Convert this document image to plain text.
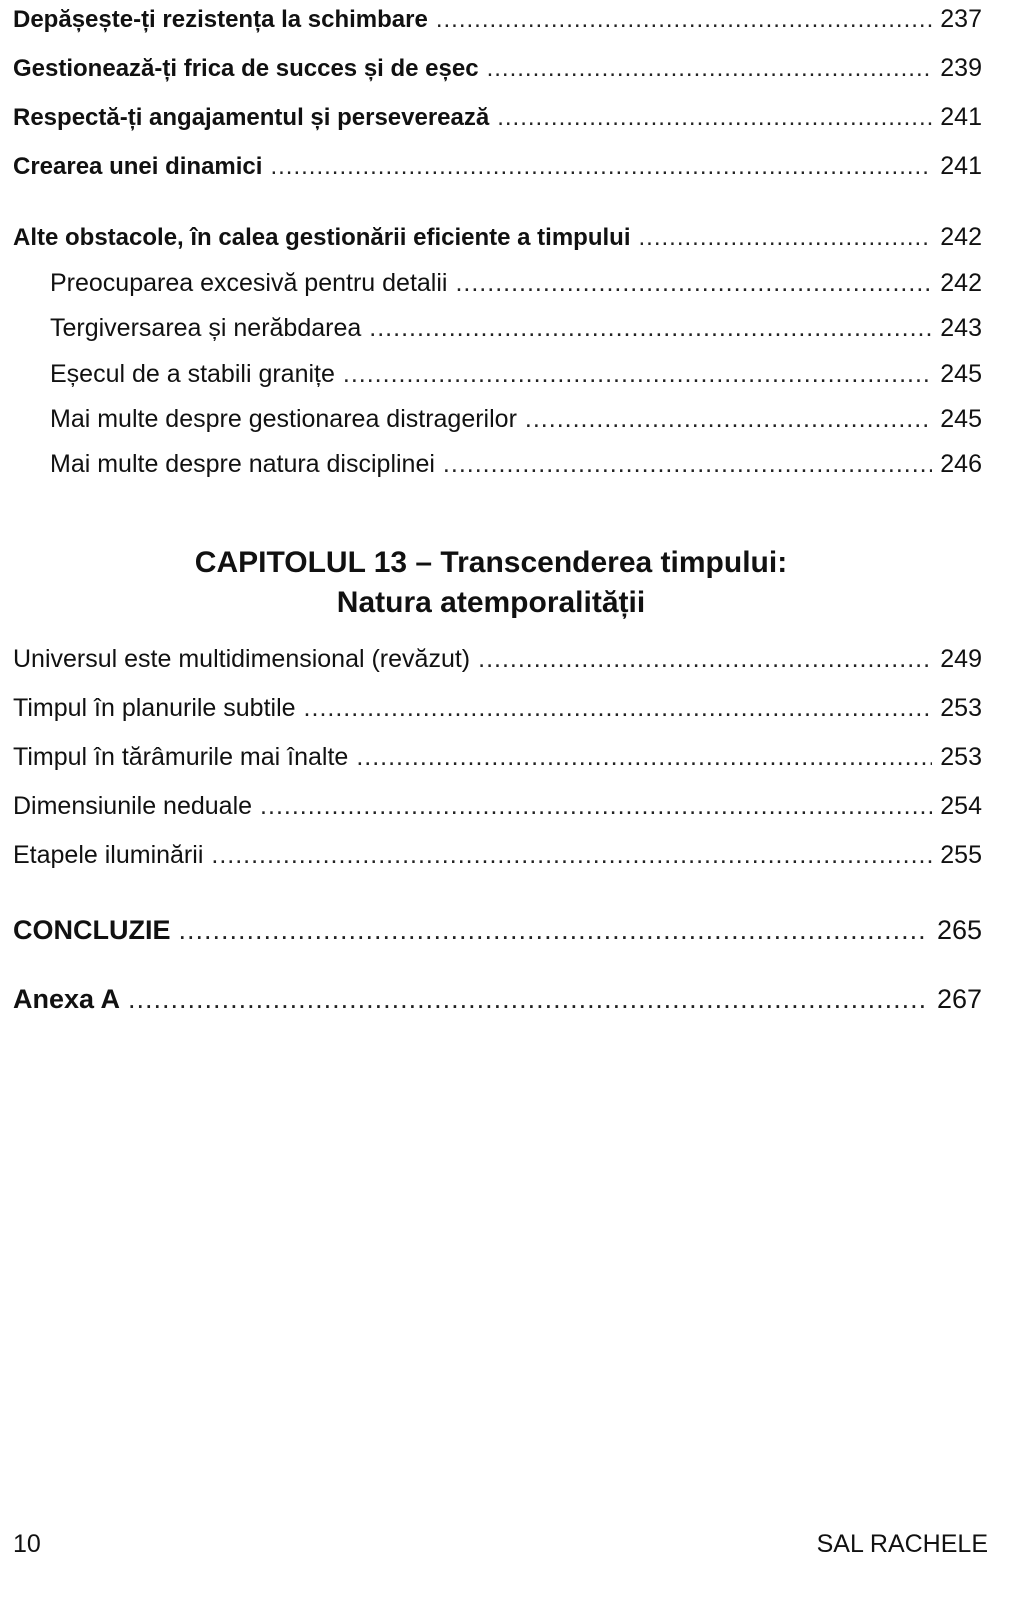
Depășește-ți rezistența la schimbare .....	237
Gestionează-ți frica de succes și de eșec .....	239
Respectă-ți angajamentul și perseverează .....	241
Crearea unei dinamici .....	241
Alte obstacole, în calea gestionării eficiente a timpului .....	242
Preocuparea excesivă pentru detalii .....	242
Tergiversarea și nerăbdarea .....	243
Eșecul de a stabili granițe .....	245
Mai multe despre gestionarea distragerilor .....	245
Mai multe despre natura disciplinei .....	246
CAPITOLUL 13 – Transcenderea timpului:
Natura atemporalității
Universul este multidimensional (revăzut) .....	249
Timpul în planurile subtile .....	253
Timpul în tărâmurile mai înalte .....	253
Dimensiunile neduale .....	254
Etapele iluminării .....	255
CONCLUZIE .....	265
Anexa A .....	267
10	SAL RACHELE
